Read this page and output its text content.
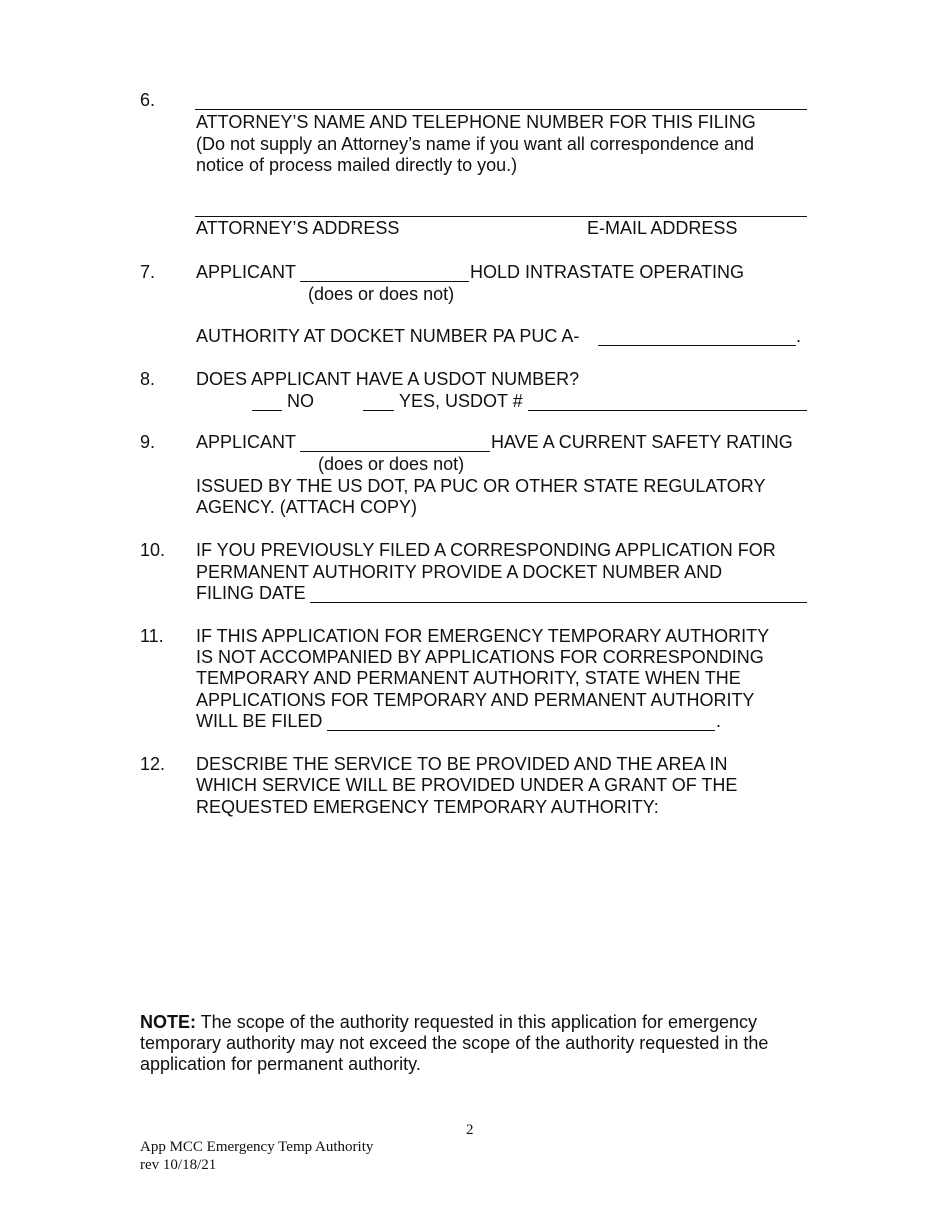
6.
ATTORNEY’S NAME AND TELEPHONE NUMBER FOR THIS FILING
(Do not supply an Attorney’s name if you want all correspondence and
notice of process mailed directly to you.)
ATTORNEY’S ADDRESS	E-MAIL ADDRESS
7. APPLICANT	HOLD INTRASTATE OPERATING
(does or does not)
AUTHORITY AT DOCKET NUMBER PA PUC A-	.
8. DOES APPLICANT HAVE A USDOT NUMBER?
NO	YES, USDOT #
9. APPLICANT	HAVE A CURRENT SAFETY RATING
(does or does not)
ISSUED BY THE US DOT, PA PUC OR OTHER STATE REGULATORY
AGENCY. (ATTACH COPY)
10. IF YOU PREVIOUSLY FILED A CORRESPONDING APPLICATION FOR
PERMANENT AUTHORITY PROVIDE A DOCKET NUMBER AND
FILING DATE
11. IF THIS APPLICATION FOR EMERGENCY TEMPORARY AUTHORITY
IS NOT ACCOMPANIED BY APPLICATIONS FOR CORRESPONDING
TEMPORARY AND PERMANENT AUTHORITY, STATE WHEN THE
APPLICATIONS FOR TEMPORARY AND PERMANENT AUTHORITY
WILL BE FILED	.
12. DESCRIBE THE SERVICE TO BE PROVIDED AND THE AREA IN
WHICH SERVICE WILL BE PROVIDED UNDER A GRANT OF THE
REQUESTED EMERGENCY TEMPORARY AUTHORITY:
NOTE: The scope of the authority requested in this application for emergency
temporary authority may not exceed the scope of the authority requested in the
application for permanent authority.
2
App MCC Emergency Temp Authority
rev 10/18/21
